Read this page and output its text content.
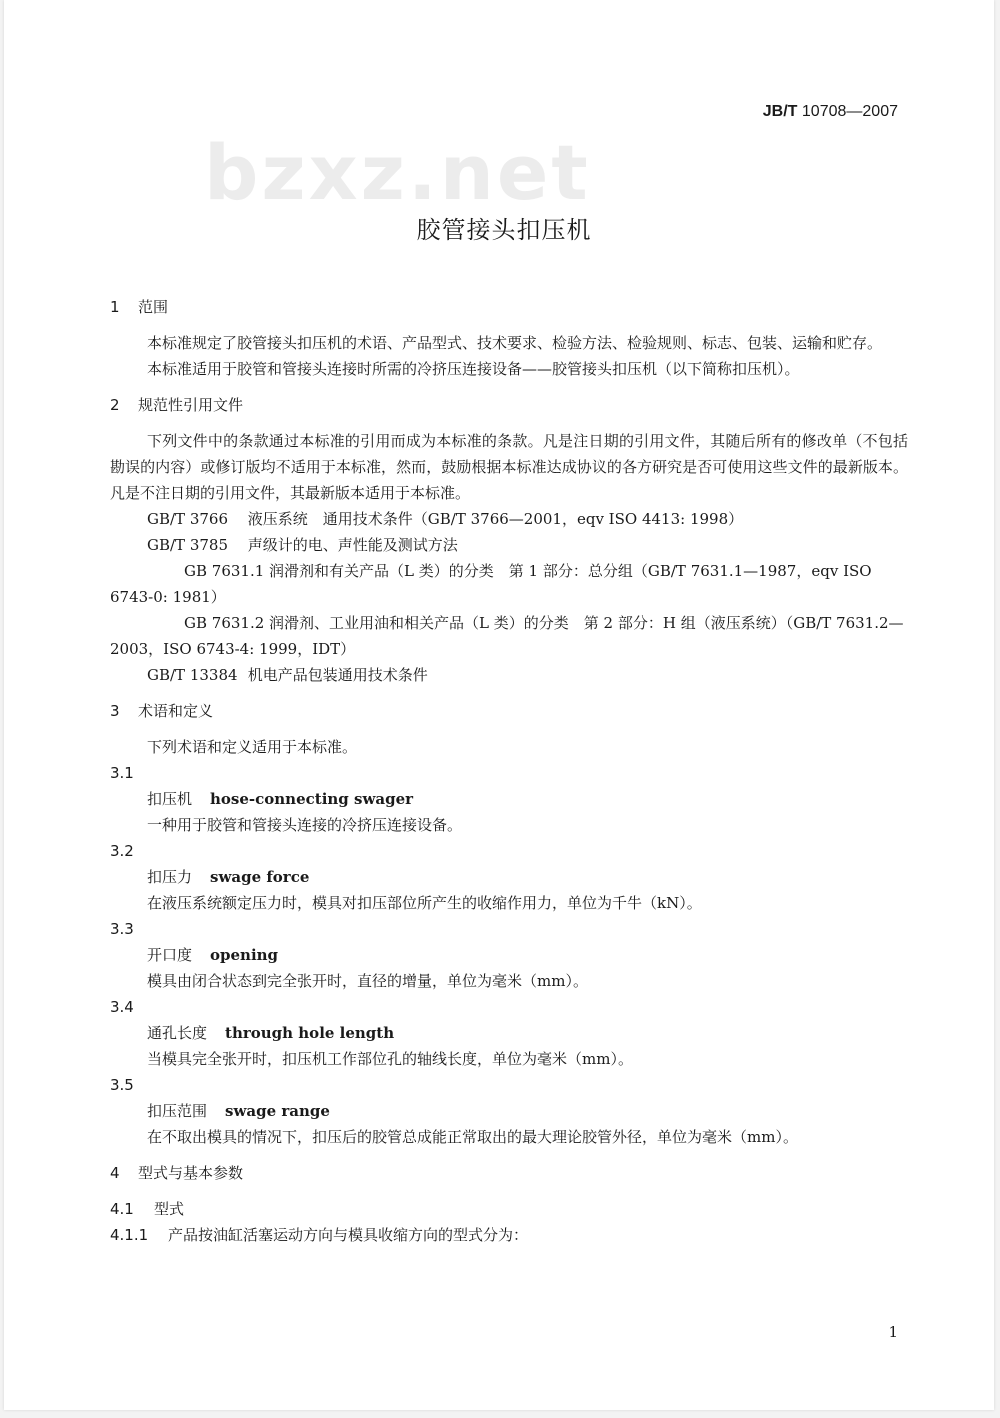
JB/T 10708—2007
bzxz.net
胶管接头扣压机
1 范围

本标准规定了胶管接头扣压机的术语、产品型式、技术要求、检验方法、检验规则、标志、包装、运输和贮存。

本标准适用于胶管和管接头连接时所需的冷挤压连接设备——胶管接头扣压机（以下简称扣压机）。

2 规范性引用文件

下列文件中的条款通过本标准的引用而成为本标准的条款。凡是注日期的引用文件，其随后所有的修改单（不包括勘误的内容）或修订版均不适用于本标准，然而，鼓励根据本标准达成协议的各方研究是否可使用这些文件的最新版本。凡是不注日期的引用文件，其最新版本适用于本标准。

GB/T 3766 液压系统　通用技术条件（GB/T 3766—2001，eqv ISO 4413: 1998）

GB/T 3785 声级计的电、声性能及测试方法

GB 7631.1 润滑剂和有关产品（L 类）的分类　第 1 部分：总分组（GB/T 7631.1—1987，eqv ISO 6743-0: 1981）

GB 7631.2 润滑剂、工业用油和相关产品（L 类）的分类　第 2 部分：H 组（液压系统）（GB/T 7631.2—2003，ISO 6743-4: 1999，IDT）

GB/T 13384 机电产品包装通用技术条件

3 术语和定义

下列术语和定义适用于本标准。

3.1

扣压机 hose-connecting swager

一种用于胶管和管接头连接的冷挤压连接设备。

3.2

扣压力 swage force

在液压系统额定压力时，模具对扣压部位所产生的收缩作用力，单位为千牛（kN）。

3.3

开口度 opening

模具由闭合状态到完全张开时，直径的增量，单位为毫米（mm）。

3.4

通孔长度 through hole length

当模具完全张开时，扣压机工作部位孔的轴线长度，单位为毫米（mm）。

3.5

扣压范围 swage range

在不取出模具的情况下，扣压后的胶管总成能正常取出的最大理论胶管外径，单位为毫米（mm）。

4 型式与基本参数

4.1 型式

4.1.1 产品按油缸活塞运动方向与模具收缩方向的型式分为：

1
